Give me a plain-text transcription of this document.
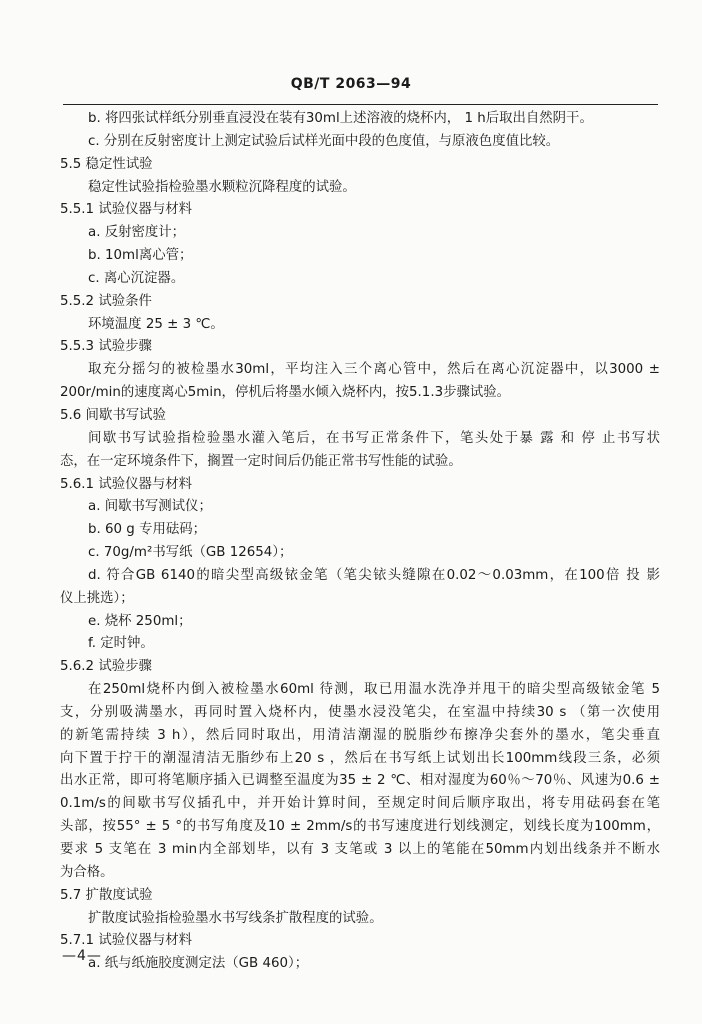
QB/T 2063—94
b. 将四张试样纸分别垂直浸没在装有30ml上述溶液的烧杯内， 1 h后取出自然阴干。
c. 分别在反射密度计上测定试验后试样光面中段的色度值，与原液色度值比较。
5.5 稳定性试验
稳定性试验指检验墨水颗粒沉降程度的试验。
5.5.1 试验仪器与材料
a. 反射密度计；
b. 10ml离心管；
c. 离心沉淀器。
5.5.2 试验条件
环境温度 25 ± 3 ℃。
5.5.3 试验步骤
取充分摇匀的被检墨水30ml，平均注入三个离心管中，然后在离心沉淀器中，以3000 ±
200r/min的速度离心5min，停机后将墨水倾入烧杯内，按5.1.3步骤试验。
5.6 间歇书写试验
间歇书写试验指检验墨水灌入笔后，在书写正常条件下，笔头处于暴 露 和 停 止书写状
态，在一定环境条件下，搁置一定时间后仍能正常书写性能的试验。
5.6.1 试验仪器与材料
a. 间歇书写测试仪；
b. 60 g 专用砝码；
c. 70g/m²书写纸（GB 12654）；
d. 符合GB 6140的暗尖型高级铱金笔（笔尖铱头缝隙在0.02～0.03mm，在100倍 投 影
仪上挑选）；
e. 烧杯 250ml；
f. 定时钟。
5.6.2 试验步骤
在250ml烧杯内倒入被检墨水60ml 待测，取已用温水洗净并甩干的暗尖型高级铱金笔 5
支，分别吸满墨水，再同时置入烧杯内，使墨水浸没笔尖，在室温中持续30 s （第一次使用
的新笔需持续 3 h），然后同时取出，用清洁潮湿的脱脂纱布擦净尖套外的墨水，笔尖垂直
向下置于拧干的潮湿清洁无脂纱布上20 s ，然后在书写纸上试划出长100mm线段三条，必须
出水正常，即可将笔顺序插入已调整至温度为35 ± 2 ℃、相对湿度为60％～70％、风速为0.6 ±
0.1m/s的间歇书写仪插孔中，并开始计算时间，至规定时间后顺序取出，将专用砝码套在笔
头部，按55° ± 5 °的书写角度及10 ± 2mm/s的书写速度进行划线测定，划线长度为100mm，
要求 5 支笔在 3 min内全部划毕，以有 3 支笔或 3 以上的笔能在50mm内划出线条并不断水
为合格。
5.7 扩散度试验
扩散度试验指检验墨水书写线条扩散程度的试验。
5.7.1 试验仪器与材料
a. 纸与纸施胶度测定法（GB 460）；
—4—
